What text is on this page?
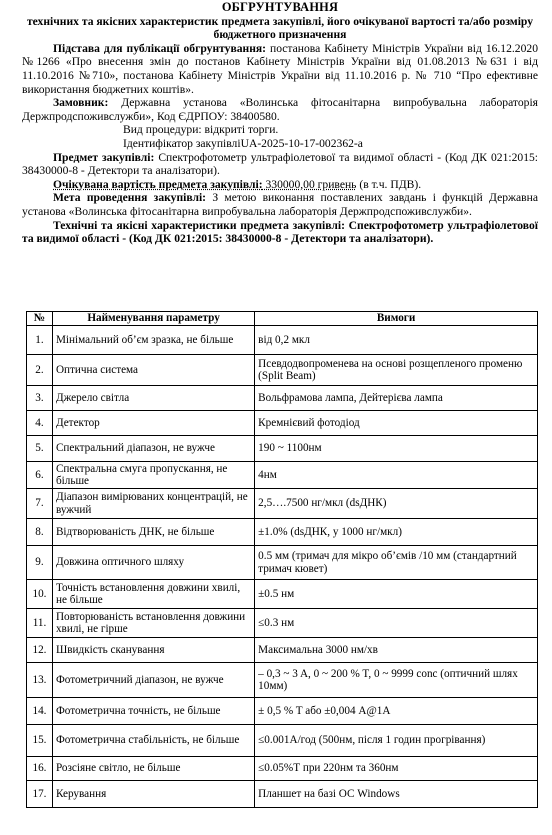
ОБГРУНТУВАННЯ
технічних та якісних характеристик предмета закупівлі, його очікуваної вартості та/або розміру бюджетного призначення
Підстава для публікації обгрунтування: постанова Кабінету Міністрів України від 16.12.2020 №1266 «Про внесення змін до постанов Кабінету Міністрів України від 01.08.2013 №631 і від 11.10.2016 №710», постанова Кабінету Міністрів України від 11.10.2016 р. № 710 “Про ефективне використання бюджетних коштів».
Замовник: Державна установа «Волинська фітосанітарна випробувальна лабораторія Держпродспоживслужби», Код ЄДРПОУ: 38400580.
Вид процедури: відкриті торги.
Ідентифікатор закупівліUA-2025-10-17-002362-а
Предмет закупівлі: Спектрофотометр ультрафіолетової та видимої області - (Код ДК 021:2015: 38430000-8 - Детектори та аналізатори).
Очікувана вартість предмета закупівлі: 330000,00 гривень (в т.ч. ПДВ).
Мета проведення закупівлі: З метою виконання поставлених завдань і функцій Державна установа «Волинська фітосанітарна випробувальна лабораторія Держпродспоживслужби».
Технічні та якісні характеристики предмета закупівлі: Спектрофотометр ультрафіолетової та видимої області - (Код ДК 021:2015: 38430000-8 - Детектори та аналізатори).
№	Найменування параметру	Вимоги
1.	Мінімальний об’єм зразка, не більше	від 0,2 мкл
2.	Оптична система	Псевдодвопроменева на основі розщепленого променю (Split Beam)
3.	Джерело світла	Вольфрамова лампа, Дейтерієва лампа
4.	Детектор	Кремнієвий фотодіод
5.	Спектральний діапазон, не вужче	190 ~ 1100нм
6.	Спектральна смуга пропускання, не більше	4нм
7.	Діапазон вимірюваних концентрацій, не вужчий	2,5….7500 нг/мкл (dsДНК)
8.	Відтворюваність ДНК, не більше	±1.0% (dsДНК, у 1000 нг/мкл)
9.	Довжина оптичного шляху	0.5 мм (тримач для мікро об’ємів /10 мм (стандартний тримач кювет)
10.	Точність встановлення довжини хвилі, не більше	±0.5 нм
11.	Повторюваність встановлення довжини хвилі, не гірше	≤0.3 нм
12.	Швидкість сканування	Максимальна 3000 нм/хв
13.	Фотометричний діапазон, не вужче	– 0,3 ~ 3 A, 0 ~ 200 % T, 0 ~ 9999 conc (оптичний шлях 10мм)
14.	Фотометрична точність, не більше	± 0,5 % T або ±0,004 A@1A
15.	Фотометрична стабільність, не більше	≤0.001А/год (500нм, після 1 годин прогрівання)
16.	Розсіяне світло, не більше	≤0.05%Т при 220нм та 360нм
17.	Керування	Планшет на базі ОС Windows
